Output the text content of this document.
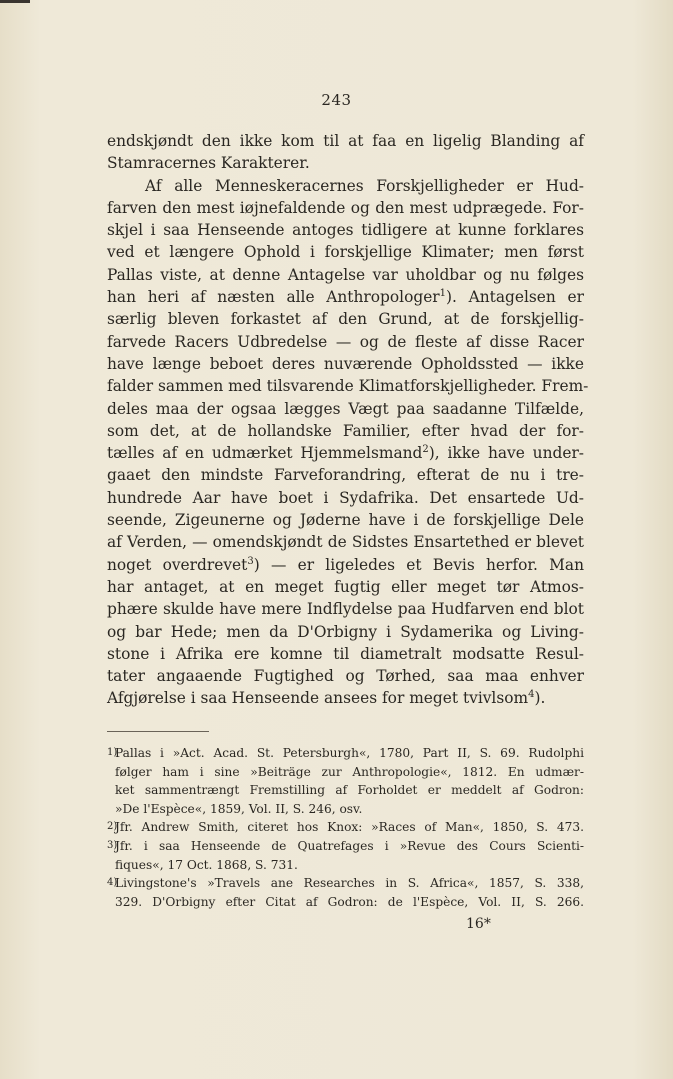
243
endskjøndt den ikke kom til at faa en ligelig Blanding af
Stamracernes Karakterer.
Af alle Menneskeracernes Forskjelligheder er Hud-
farven den mest iøjnefaldende og den mest udprægede. For-
skjel i saa Henseende antoges tidligere at kunne forklares
ved et længere Ophold i forskjellige Klimater; men først
Pallas viste, at denne Antagelse var uholdbar og nu følges
han heri af næsten alle Anthropologer$^1$). Antagelsen er
særlig bleven forkastet af den Grund, at de forskjellig-
farvede Racers Udbredelse — og de fleste af disse Racer
have længe beboet deres nuværende Opholdssted — ikke
falder sammen med tilsvarende Klimatforskjelligheder. Frem-
deles maa der ogsaa lægges Vægt paa saadanne Tilfælde,
som det, at de hollandske Familier, efter hvad der for-
tælles af en udmærket Hjemmelsmand$^2$), ikke have under-
gaaet den mindste Farveforandring, efterat de nu i tre-
hundrede Aar have boet i Sydafrika. Det ensartede Ud-
seende, Zigeunerne og Jøderne have i de forskjellige Dele
af Verden, — omendskjøndt de Sidstes Ensartethed er blevet
noget overdrevet$^3$) — er ligeledes et Bevis herfor. Man
har antaget, at en meget fugtig eller meget tør Atmos-
phære skulde have mere Indflydelse paa Hudfarven end blot
og bar Hede; men da D'Orbigny i Sydamerika og Living-
stone i Afrika ere komne til diametralt modsatte Resul-
tater angaaende Fugtighed og Tørhed, saa maa enhver
Afgjørelse i saa Henseende ansees for meget tvivlsom$^4$).
1)Pallas i »Act. Acad. St. Petersburgh«, 1780, Part II, S. 69. Rudolphi
følger ham i sine »Beiträge zur Anthropologie«, 1812. En udmær-
ket sammentrængt Fremstilling af Forholdet er meddelt af Godron:
»De l'Espèce«, 1859, Vol. II, S. 246, osv.
2)Jfr. Andrew Smith, citeret hos Knox: »Races of Man«, 1850, S. 473.
3)Jfr. i saa Henseende de Quatrefages i »Revue des Cours Scienti-
fiques«, 17 Oct. 1868, S. 731.
4)Livingstone's »Travels ane Researches in S. Africa«, 1857, S. 338,
329. D'Orbigny efter Citat af Godron: de l'Espèce, Vol. II, S. 266.
16*
